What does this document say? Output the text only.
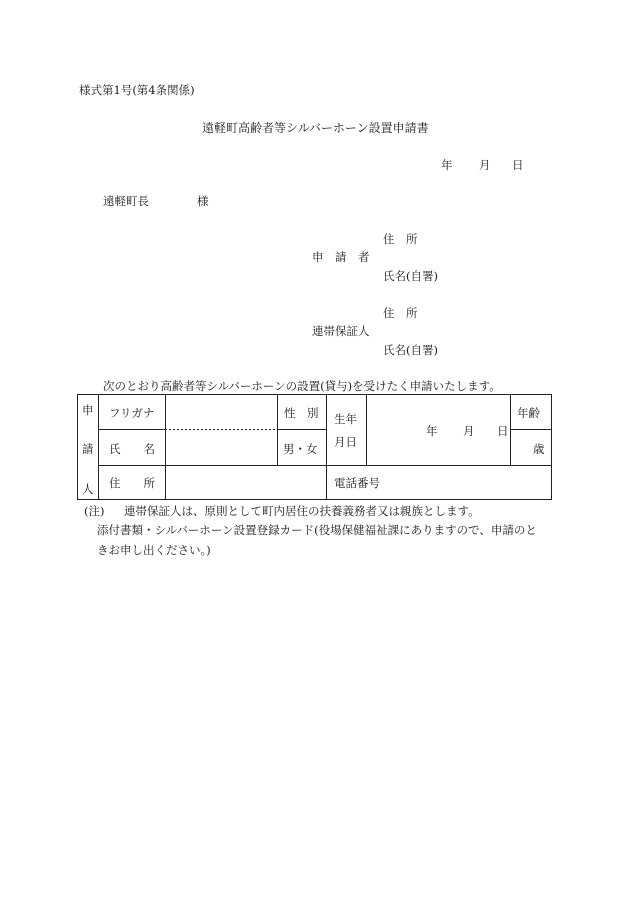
様式第1号(第4条関係)
遠軽町高齢者等シルバーホーン設置申請書
年 月 日
遠軽町長	様
住　所
申　請　者
氏名(自署)
住　所
連帯保証人
氏名(自署)
次のとおり高齢者等シルバーホーンの設置(貸与)を受けたく申請いたします。
申
請
人
フリガナ
氏　　名
住　　所
性　別
男・女
生年
月日
年 月 日
年齢
歳
電話番号
(注) 連帯保証人は、原則として町内居住の扶養義務者又は親族とします。
添付書類・シルバーホーン設置登録カード(役場保健福祉課にありますので、申請のと
きお申し出ください。)
